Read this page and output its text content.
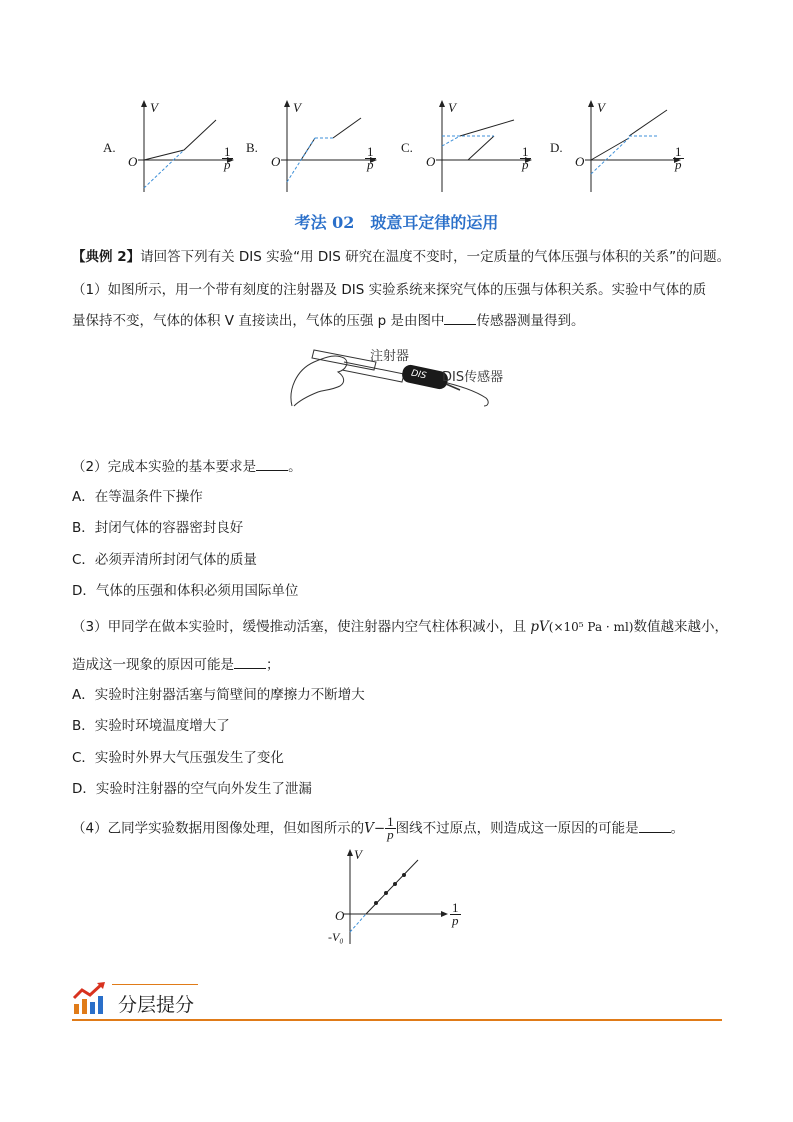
A.
V
O	$\frac{1}{p} B$.
V
O	$\frac{1}{p} C$.
V
O	$\frac{1}{p} D$.
V
O	$\frac{1}{p}$
考法 02　玻意耳定律的运用
【典例 2】请回答下列有关 DIS 实验“用 DIS 研究在温度不变时，一定质量的气体压强与体积的关系”的问题。
（1）如图所示，用一个带有刻度的注射器及 DIS 实验系统来探究气体的压强与体积关系。实验中气体的质
量保持不变，气体的体积 V 直接读出，气体的压强 p 是由图中 传感器测量得到。
DIS
注射器
DIS传感器
（2）完成本实验的基本要求是 。
A．在等温条件下操作
B．封闭气体的容器密封良好
C．必须弄清所封闭气体的质量
D．气体的压强和体积必须用国际单位
（3）甲同学在做本实验时，缓慢推动活塞，使注射器内空气柱体积减小，且 pV(×10⁵ Pa · ml)数值越来越小，
造成这一现象的原因可能是 ；
A．实验时注射器活塞与简壁间的摩擦力不断增大
B．实验时环境温度增大了
C．实验时外界大气压强发生了变化
D．实验时注射器的空气向外发生了泄漏
（4）乙同学实验数据用图像处理，但如图所示的$V- \frac{1}{p}$ 图线不过原点，则造成这一原因的可能是 。
V
O
-V₀
$\frac{1}{p}$
分层提分
